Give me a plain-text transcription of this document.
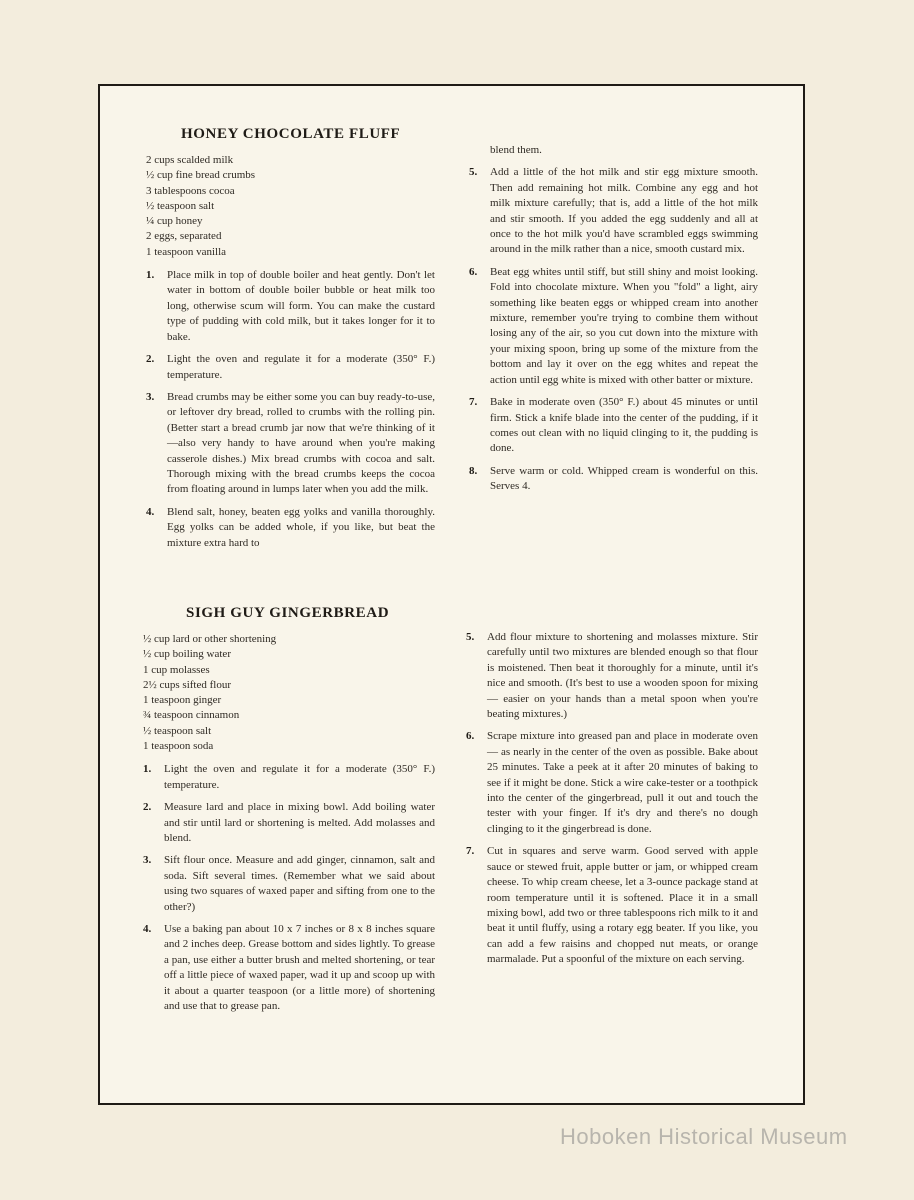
HONEY CHOCOLATE FLUFF

2 cups scalded milk

½ cup fine bread crumbs

3 tablespoons cocoa

½ teaspoon salt

¼ cup honey

2 eggs, separated

1 teaspoon vanilla

1.	Place milk in top of double boiler and heat gently. Don't let water in bottom of double boiler bubble or heat milk too long, otherwise scum will form. You can make the custard type of pudding with cold milk, but it takes longer for it to bake.
2.	Light the oven and regulate it for a moderate (350° F.) temperature.
3.	Bread crumbs may be either some you can buy ready-to-use, or leftover dry bread, rolled to crumbs with the rolling pin. (Better start a bread crumb jar now that we're thinking of it—also very handy to have around when you're making casserole dishes.) Mix bread crumbs with cocoa and salt. Thorough mixing with the bread crumbs keeps the cocoa from floating around in lumps later when you add the milk.
4.	Blend salt, honey, beaten egg yolks and vanilla thoroughly. Egg yolks can be added whole, if you like, but beat the mixture extra hard to

blend them.

5.	Add a little of the hot milk and stir egg mixture smooth. Then add remaining hot milk. Combine any egg and hot milk mixture carefully; that is, add a little of the hot milk and stir smooth. If you added the egg suddenly and all at once to the hot milk you'd have scrambled eggs swimming around in the milk rather than a nice, smooth custard mix.
6.	Beat egg whites until stiff, but still shiny and moist looking. Fold into chocolate mixture. When you "fold" a light, airy something like beaten eggs or whipped cream into another mixture, remember you're trying to combine them without losing any of the air, so you cut down into the mixture with your mixing spoon, bring up some of the mixture from the bottom and lay it over on the egg whites and repeat the action until egg white is mixed with other batter or mixture.
7.	Bake in moderate oven (350° F.) about 45 minutes or until firm. Stick a knife blade into the center of the pudding, if it comes out clean with no liquid clinging to it, the pudding is done.
8.	Serve warm or cold. Whipped cream is wonderful on this. Serves 4.
SIGH GUY GINGERBREAD

½ cup lard or other shortening

½ cup boiling water

1 cup molasses

2½ cups sifted flour

1 teaspoon ginger

¾ teaspoon cinnamon

½ teaspoon salt

1 teaspoon soda

1.	Light the oven and regulate it for a moderate (350° F.) temperature.
2.	Measure lard and place in mixing bowl. Add boiling water and stir until lard or shortening is melted. Add molasses and blend.
3.	Sift flour once. Measure and add ginger, cinnamon, salt and soda. Sift several times. (Remember what we said about using two squares of waxed paper and sifting from one to the other?)
4.	Use a baking pan about 10 x 7 inches or 8 x 8 inches square and 2 inches deep. Grease bottom and sides lightly. To grease a pan, use either a butter brush and melted shortening, or tear off a little piece of waxed paper, wad it up and scoop up with it about a quarter teaspoon (or a little more) of shortening and use that to grease pan.
5.	Add flour mixture to shortening and molasses mixture. Stir carefully until two mixtures are blended enough so that flour is moistened. Then beat it thoroughly for a minute, until it's nice and smooth. (It's best to use a wooden spoon for mixing — easier on your hands than a metal spoon when you're beating mixtures.)
6.	Scrape mixture into greased pan and place in moderate oven — as nearly in the center of the oven as possible. Bake about 25 minutes. Take a peek at it after 20 minutes of baking to see if it might be done. Stick a wire cake-tester or a toothpick into the center of the gingerbread, pull it out and touch the tester with your finger. If it's dry and there's no dough clinging to it the gingerbread is done.
7.	Cut in squares and serve warm. Good served with apple sauce or stewed fruit, apple butter or jam, or whipped cream cheese. To whip cream cheese, let a 3-ounce package stand at room temperature until it is softened. Place it in a small mixing bowl, add two or three tablespoons rich milk to it and beat it until fluffy, using a rotary egg beater. If you like, you can add a few raisins and chopped nut meats, or orange marmalade. Put a spoonful of the mixture on each serving.
Hoboken Historical Museum
